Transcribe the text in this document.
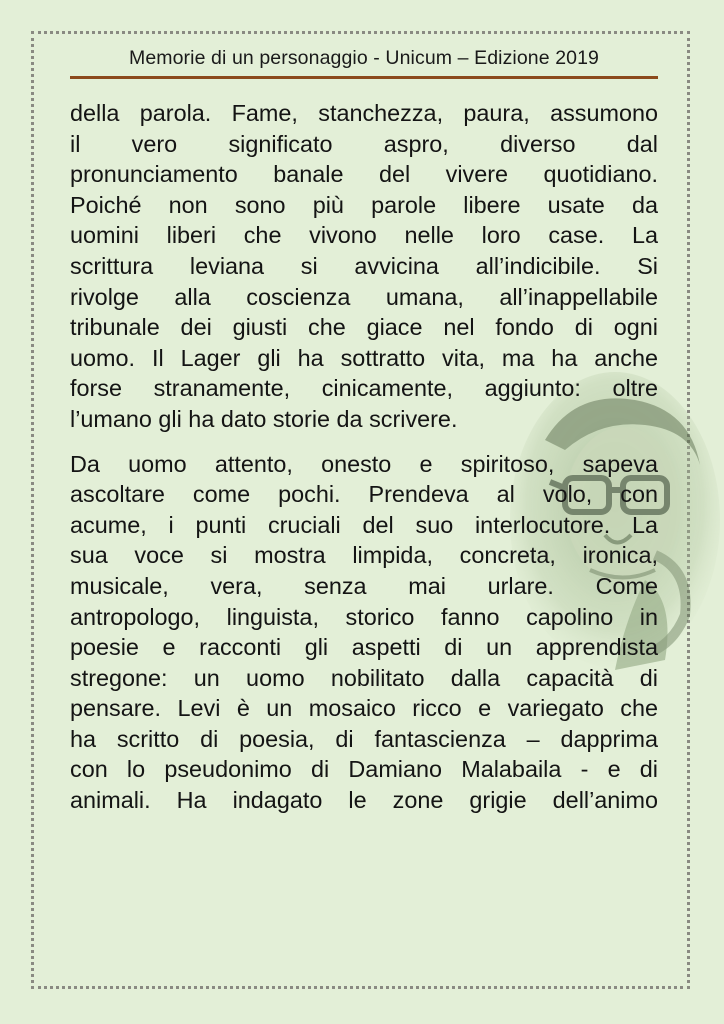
Memorie di un personaggio - Unicum – Edizione 2019

della parola. Fame, stanchezza, paura, assumono
il vero significato aspro, diverso dal
pronunciamento banale del vivere quotidiano.
Poiché non sono più parole libere usate da
uomini liberi che vivono nelle loro case. La
scrittura leviana si avvicina all’indicibile. Si
rivolge alla coscienza umana, all’inappellabile
tribunale dei giusti che giace nel fondo di ogni
uomo. Il Lager gli ha sottratto vita, ma ha anche
forse stranamente, cinicamente, aggiunto: oltre
l’umano gli ha dato storie da scrivere.

Da uomo attento, onesto e spiritoso, sapeva
ascoltare come pochi. Prendeva al volo, con
acume, i punti cruciali del suo interlocutore. La
sua voce si mostra limpida, concreta, ironica,
musicale, vera, senza mai urlare. Come
antropologo, linguista, storico fanno capolino in
poesie e racconti gli aspetti di un apprendista
stregone: un uomo nobilitato dalla capacità di
pensare. Levi è un mosaico ricco e variegato che
ha scritto di poesia, di fantascienza – dapprima
con lo pseudonimo di Damiano Malabaila - e di
animali. Ha indagato le zone grigie dell’animo
